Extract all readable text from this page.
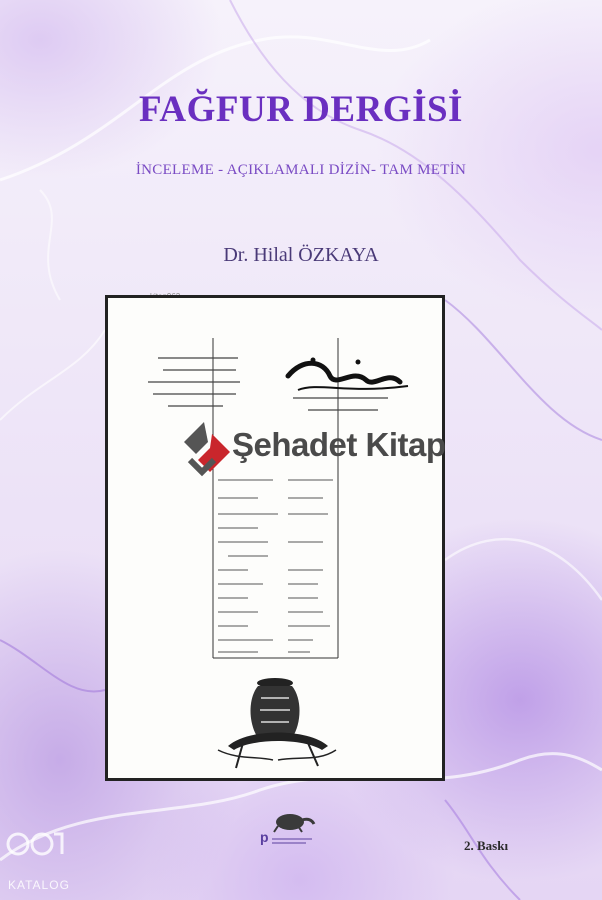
FAĞFUR DERGİSİ
İNCELEME - AÇIKLAMALI DİZİN- TAM METİN
Dr. Hilal ÖZKAYA
Şehadet Kitap
p
2. Baskı
KATALOG
